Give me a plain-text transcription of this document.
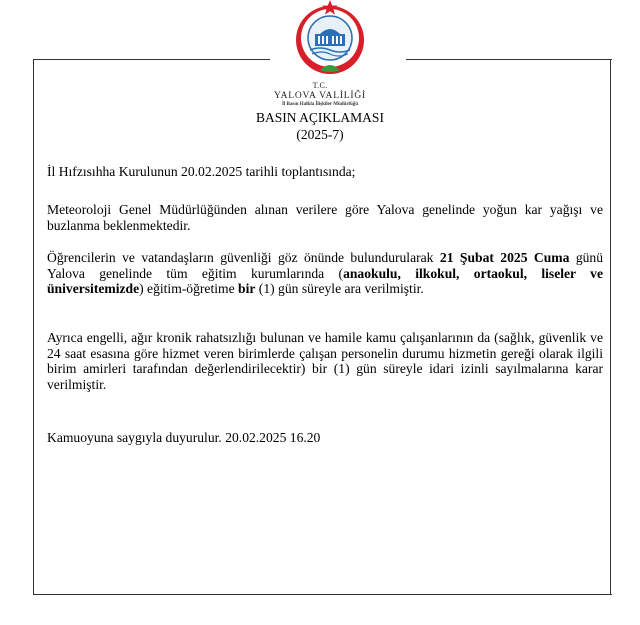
T.C.
YALOVA VALİLİĞİ
İl Basın Halkla İlişkiler Müdürlüğü
BASIN AÇIKLAMASI
(2025-7)
İl Hıfzısıhha Kurulunun 20.02.2025 tarihli toplantısında;
Meteoroloji Genel Müdürlüğünden alınan verilere göre Yalova genelinde yoğun kar yağışı ve buzlanma beklenmektedir.
Öğrencilerin ve vatandaşların güvenliği göz önünde bulundurularak 21 Şubat 2025 Cuma günü Yalova genelinde tüm eğitim kurumlarında (anaokulu, ilkokul, ortaokul, liseler ve üniversitemizde) eğitim-öğretime bir (1) gün süreyle ara verilmiştir.
Ayrıca engelli, ağır kronik rahatsızlığı bulunan ve hamile kamu çalışanlarının da (sağlık, güvenlik ve 24 saat esasına göre hizmet veren birimlerde çalışan personelin durumu hizmetin gereği olarak ilgili birim amirleri tarafından değerlendirilecektir) bir (1) gün süreyle idari izinli sayılmalarına karar verilmiştir.
Kamuoyuna saygıyla duyurulur. 20.02.2025 16.20
